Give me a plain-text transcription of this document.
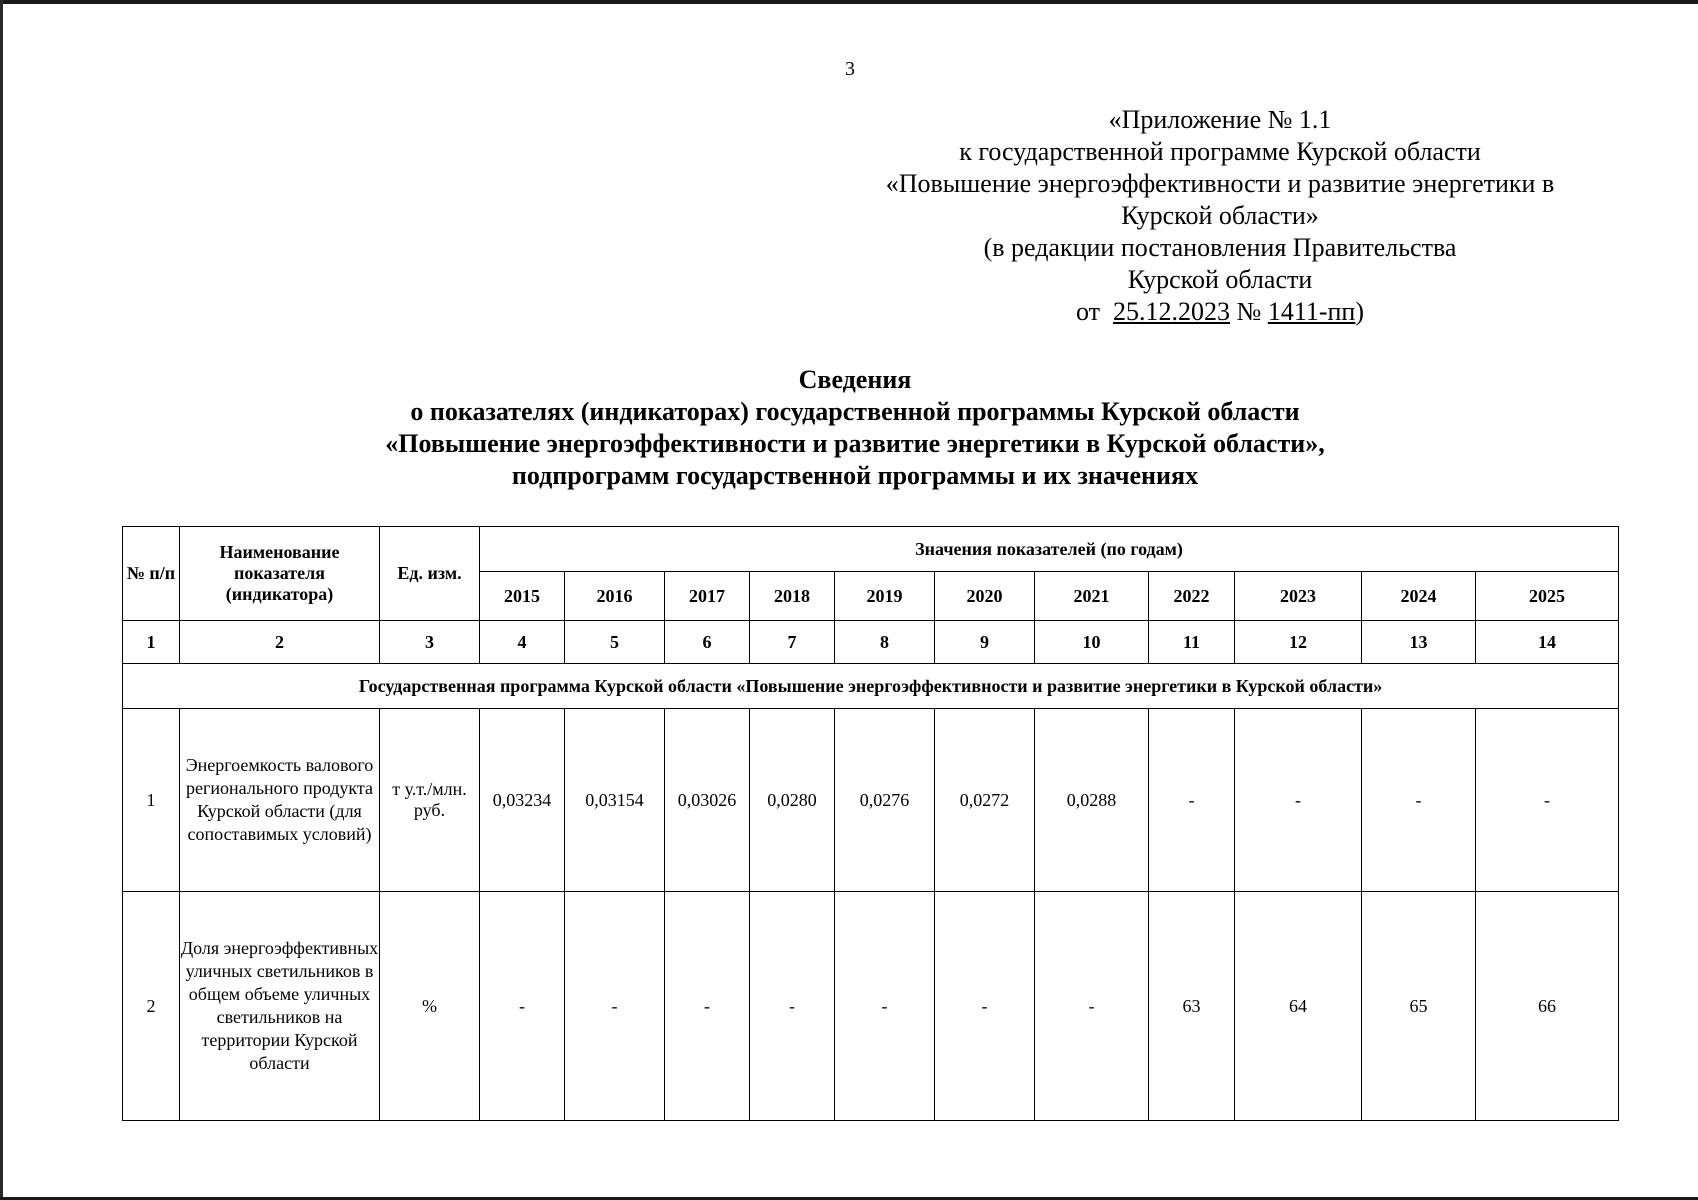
3
«Приложение № 1.1
к государственной программе Курской области
«Повышение энергоэффективности и развитие энергетики в
Курской области»
(в редакции постановления Правительства
Курской области
от 25.12.2023 № 1411-пп)
Сведения
о показателях (индикаторах) государственной программы Курской области
«Повышение энергоэффективности и развитие энергетики в Курской области»,
подпрограмм государственной программы и их значениях
№ п/п	Наименование показателя (индикатора)	Ед. изм.	Значения показателей (по годам)										
			2015	2016	2017	2018	2019	2020	2021	2022	2023	2024	2025
1	2	3	4	5	6	7	8	9	10	11	12	13	14
Государственная программа Курской области «Повышение энергоэффективности и развитие энергетики в Курской области»													
1	Энергоемкость валового регионального продукта Курской области (для сопоставимых условий)	т у.т./млн. руб.	0,03234	0,03154	0,03026	0,0280	0,0276	0,0272	0,0288	-	-	-	-
2	Доля энергоэффективных уличных светильников в общем объеме уличных светильников на территории Курской области	%	-	-	-	-	-	-	-	63	64	65	66
